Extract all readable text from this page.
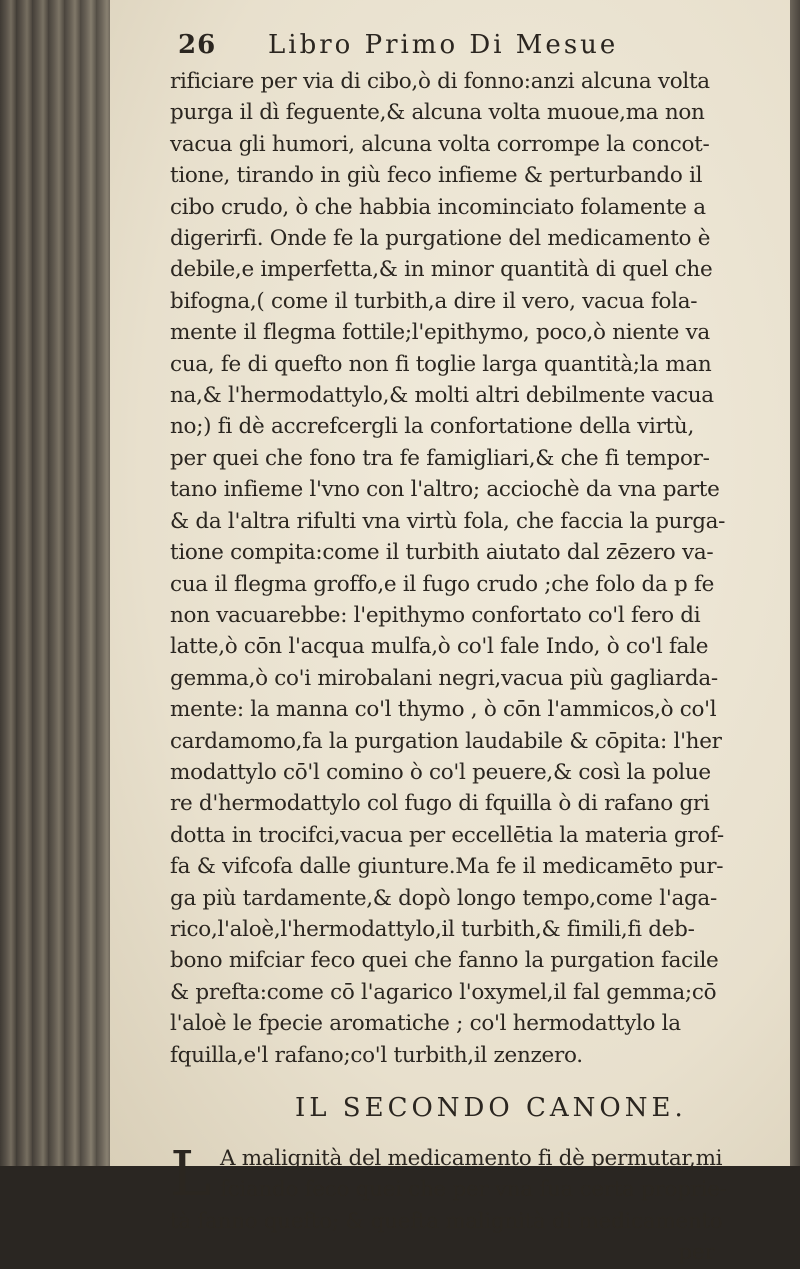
26	Libro Primo Di Mesue
rificiare per via di cibo,ò di fonno:anzi alcuna volta
purga il dì feguente,& alcuna volta muoue,ma non
vacua gli humori, alcuna volta corrompe la concot-
tione, tirando in giù feco infieme & perturbando il
cibo crudo, ò che habbia incominciato folamente a
digerirfi. Onde fe la purgatione del medicamento è
debile,e imperfetta,& in minor quantità di quel che
bifogna,( come il turbith,a dire il vero, vacua fola-
mente il flegma fottile;l'epithymo, poco,ò niente va
cua, fe di quefto non fi toglie larga quantità;la man
na,& l'hermodattylo,& molti altri debilmente vacua
no;) fi dè accrefcergli la confortatione della virtù,
per quei che fono tra fe famigliari,& che fi tempor-
tano infieme l'vno con l'altro; acciochè da vna parte
& da l'altra rifulti vna virtù fola, che faccia la purga-
tione compita:come il turbith aiutato dal zēzero va-
cua il flegma groffo,e il fugo crudo ;che folo da p fe
non vacuarebbe: l'epithymo confortato co'l fero di
latte,ò cōn l'acqua mulfa,ò co'l fale Indo, ò co'l fale
gemma,ò co'i mirobalani negri,vacua più gagliarda-
mente: la manna co'l thymo , ò cōn l'ammicos,ò co'l
cardamomo,fa la purgation laudabile & cōpita: l'her
modattylo cō'l comino ò co'l peuere,& così la polue
re d'hermodattylo col fugo di fquilla ò di rafano gri
dotta in trocifci,vacua per eccellētia la materia grof-
fa & vifcofa dalle giunture.Ma fe il medicamēto pur-
ga più tardamente,& dopò longo tempo,come l'aga-
rico,l'aloè,l'hermodattylo,il turbith,& fimili,fi deb-
bono mifciar feco quei che fanno la purgation facile
& prefta:come cō l'agarico l'oxymel,il fal gemma;cō
l'aloè le fpecie aromatiche ; co'l hermodattylo la
fquilla,e'l rafano;co'l turbith,il zenzero.
IL SECONDO CANONE.
L A malignità del medicamento fi dè permutar,mi
fciando feco quei che per vna fua certa proprie-
tà fanno quefto; & quefta malignità di medicamento
per
